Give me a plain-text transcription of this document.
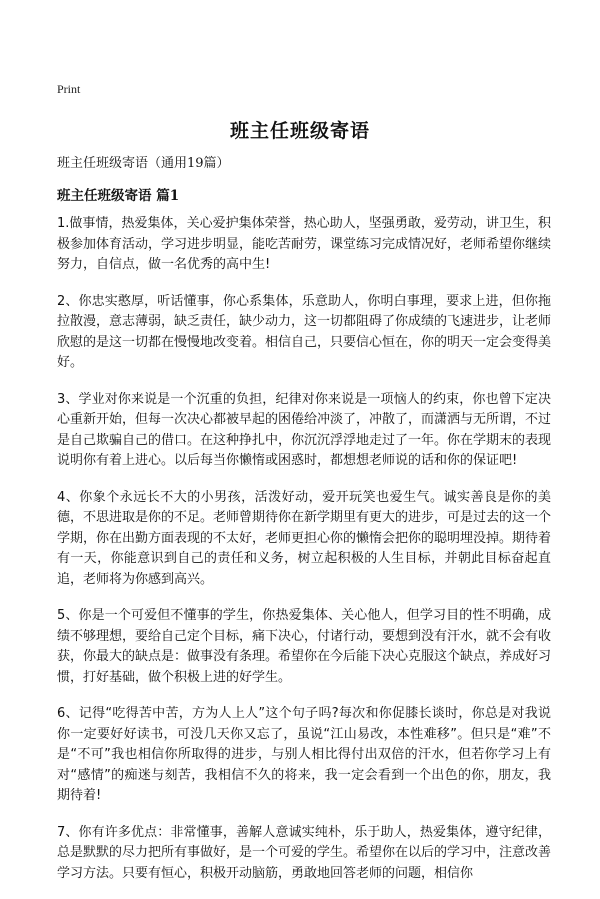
Print
班主任班级寄语
班主任班级寄语（通用19篇）
班主任班级寄语 篇1

1.做事情，热爱集体，关心爱护集体荣誉，热心助人，坚强勇敢，爱劳动，讲卫生，积极参加体育活动，学习进步明显，能吃苦耐劳，课堂练习完成情况好，老师希望你继续努力，自信点，做一名优秀的高中生!

2、你忠实憨厚，听话懂事，你心系集体，乐意助人，你明白事理，要求上进，但你拖拉散漫，意志薄弱，缺乏责任，缺少动力，这一切都阻碍了你成绩的飞速进步，让老师欣慰的是这一切都在慢慢地改变着。相信自己，只要信心恒在，你的明天一定会变得美好。

3、学业对你来说是一个沉重的负担，纪律对你来说是一项恼人的约束，你也曾下定决心重新开始，但每一次决心都被早起的困倦给冲淡了，冲散了，而潇洒与无所谓，不过是自己欺骗自己的借口。在这种挣扎中，你沉沉浮浮地走过了一年。你在学期末的表现说明你有着上进心。以后每当你懒惰或困惑时，都想想老师说的话和你的保证吧!

4、你象个永远长不大的小男孩，活泼好动，爱开玩笑也爱生气。诚实善良是你的美德，不思进取是你的不足。老师曾期待你在新学期里有更大的进步，可是过去的这一个学期，你在出勤方面表现的不太好，老师更担心你的懒惰会把你的聪明埋没掉。期待着有一天，你能意识到自己的责任和义务，树立起积极的人生目标，并朝此目标奋起直追，老师将为你感到高兴。

5、你是一个可爱但不懂事的学生，你热爱集体、关心他人，但学习目的性不明确，成绩不够理想，要给自己定个目标，痛下决心，付诸行动，要想到没有汗水，就不会有收获，你最大的缺点是：做事没有条理。希望你在今后能下决心克服这个缺点，养成好习惯，打好基础，做个积极上进的好学生。

6、记得“吃得苦中苦，方为人上人”这个句子吗?每次和你促膝长谈时，你总是对我说你一定要好好读书，可没几天你又忘了，虽说“江山易改，本性难移”。但只是“难”不是“不可”我也相信你所取得的进步，与别人相比得付出双倍的汗水，但若你学习上有对“感情”的痴迷与刻苦，我相信不久的将来，我一定会看到一个出色的你，朋友，我期待着!

7、你有许多优点：非常懂事，善解人意诚实纯朴，乐于助人，热爱集体，遵守纪律，总是默默的尽力把所有事做好，是一个可爱的学生。希望你在以后的学习中，注意改善学习方法。只要有恒心，积极开动脑筋，勇敢地回答老师的问题，相信你
